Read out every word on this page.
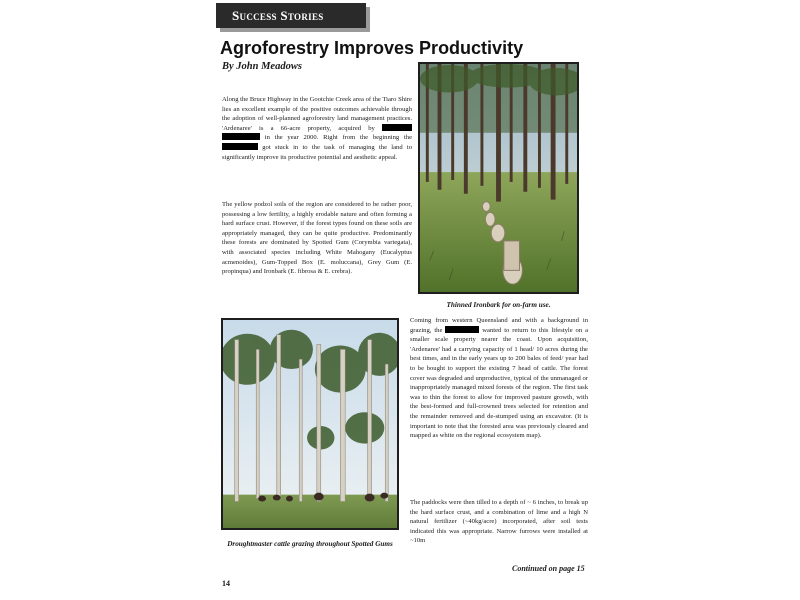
Success Stories
Agroforestry Improves Productivity
By John Meadows

Along the Bruce Highway in the Gootchie Creek area of the Tiaro Shire lies an excellent example of the positive outcomes achievable through the adoption of well-planned agroforestry land management practices. 'Ardenaree' is a 66-acre property, acquired by   in the year 2000. Right from the beginning the  got stuck in to the task of managing the land to significantly improve its productive potential and aesthetic appeal.

The yellow podzol soils of the region are considered to be rather poor, possessing a low fertility, a highly erodable nature and often forming a hard surface crust. However, if the forest types found on these soils are appropriately managed, they can be quite productive. Predominantly these forests are dominated by Spotted Gum (Corymbia variegata), with associated species including White Mahogany (Eucalyptus acmenoides), Gum-Topped Box (E. moluccana), Grey Gum (E. propinqua) and Ironbark (E. fibrosa & E. crebra).

Thinned Ironbark for on-farm use.
Droughtmaster cattle grazing throughout Spotted Gums

Coming from western Queensland and with a background in grazing, the	wanted to return to this lifestyle on a smaller scale property nearer the coast. Upon acquisition, 'Ardenaree' had a carrying capacity of 1 head/ 10 acres during the best times, and in the early years up to 200 bales of feed/ year had to be bought to support the existing 7 head of cattle. The forest cover was degraded and unproductive, typical of the unmanaged or inappropriately managed mixed forests of the region. The first task was to thin the forest to allow for improved pasture growth, with the best-formed and full-crowned trees selected for retention and the remainder removed and de-stumped using an excavator. (It is important to note that the forested area was previously cleared and mapped as white on the regional ecosystem map).

The paddocks were then tilled to a depth of ~ 6 inches, to break up the hard surface crust, and a combination of lime and a high N natural fertilizer (~40kg/acre) incorporated, after soil tests indicated this was appropriate. Narrow furrows were installed at ~10m

Continued on page 15
14
